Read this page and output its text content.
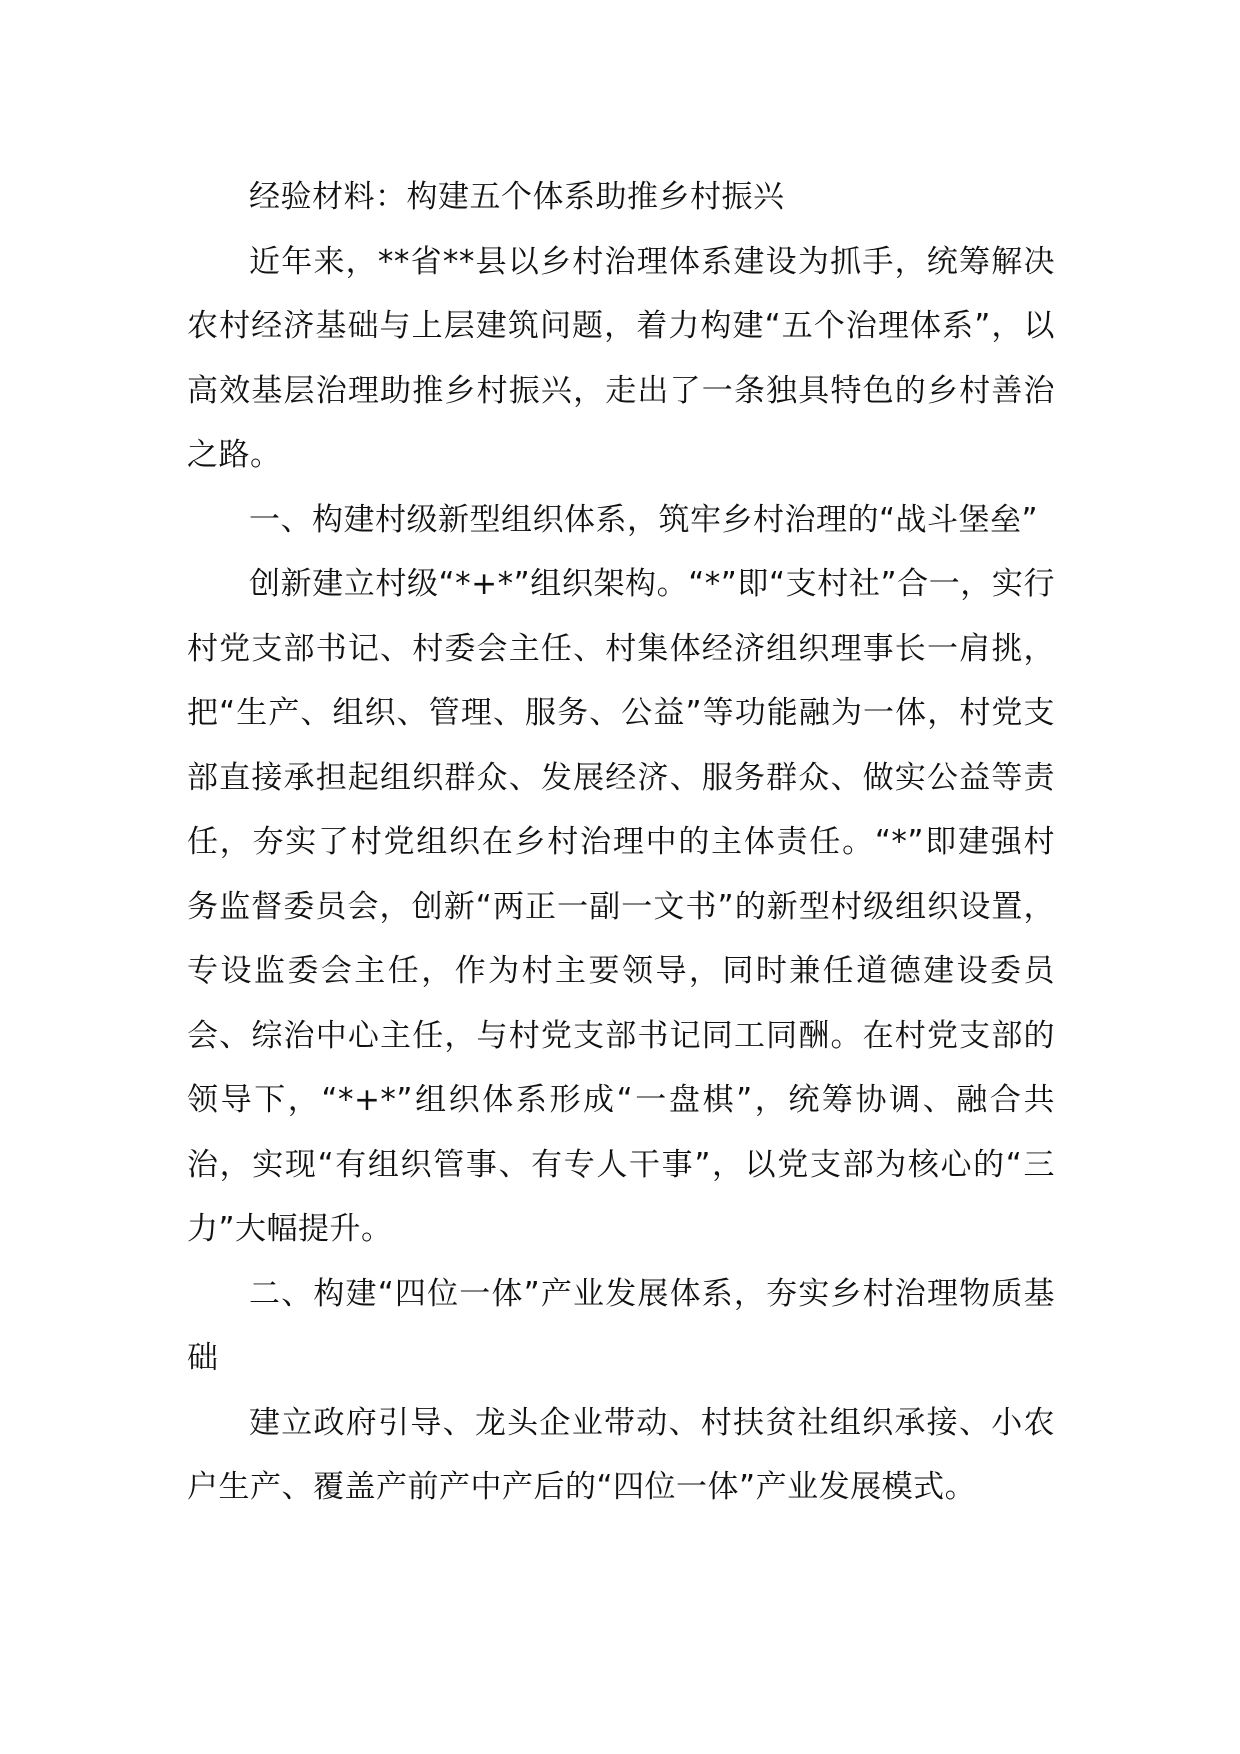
经验材料：构建五个体系助推乡村振兴

近年来，**省**县以乡村治理体系建设为抓手，统筹解决农村经济基础与上层建筑问题，着力构建“五个治理体系”，以高效基层治理助推乡村振兴，走出了一条独具特色的乡村善治之路。

一、构建村级新型组织体系，筑牢乡村治理的“战斗堡垒”

创新建立村级“*+*”组织架构。“*”即“支村社”合一，实行村党支部书记、村委会主任、村集体经济组织理事长一肩挑，把“生产、组织、管理、服务、公益”等功能融为一体，村党支部直接承担起组织群众、发展经济、服务群众、做实公益等责任，夯实了村党组织在乡村治理中的主体责任。“*”即建强村务监督委员会，创新“两正一副一文书”的新型村级组织设置，专设监委会主任，作为村主要领导，同时兼任道德建设委员会、综治中心主任，与村党支部书记同工同酬。在村党支部的领导下，“*+*”组织体系形成“一盘棋”，统筹协调、融合共治，实现“有组织管事、有专人干事”，以党支部为核心的“三力”大幅提升。

二、构建“四位一体”产业发展体系，夯实乡村治理物质基础

建立政府引导、龙头企业带动、村扶贫社组织承接、小农户生产、覆盖产前产中产后的“四位一体”产业发展模式。
